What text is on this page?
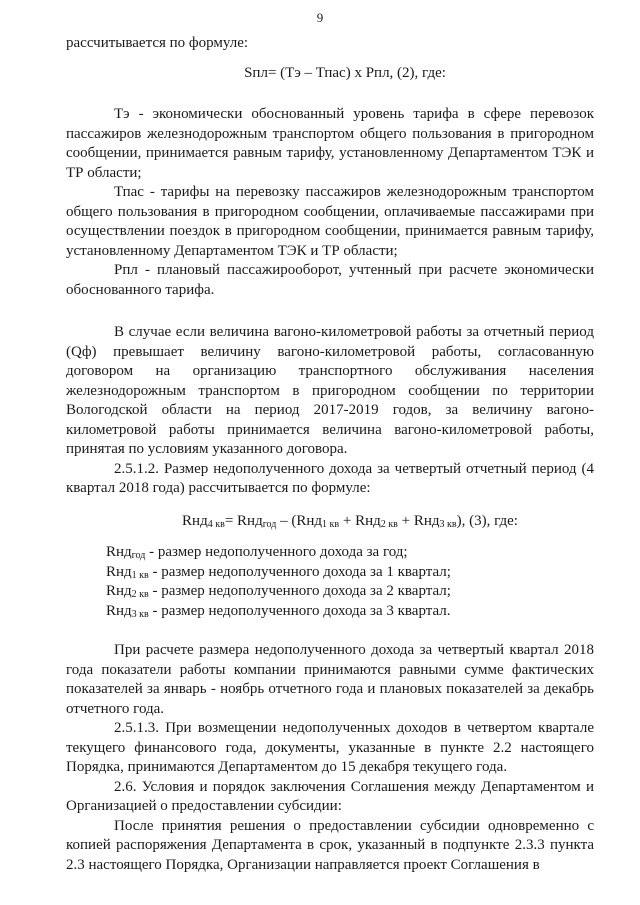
9

рассчитывается по формуле:

Sпл= (Тэ – Тпас) х Рпл, (2), где:

Тэ - экономически обоснованный уровень тарифа в сфере перевозок пассажиров железнодорожным транспортом общего пользования в пригородном сообщении, принимается равным тарифу, установленному Департаментом ТЭК и ТР области;

Тпас - тарифы на перевозку пассажиров железнодорожным транспортом общего пользования в пригородном сообщении, оплачиваемые пассажирами при осуществлении поездок в пригородном сообщении, принимается равным тарифу, установленному Департаментом ТЭК и ТР области;

Рпл - плановый пассажирооборот, учтенный при расчете экономически обоснованного тарифа.

В случае если величина вагоно-километровой работы за отчетный период (Qф) превышает величину вагоно-километровой работы, согласованную договором на организацию транспортного обслуживания населения железнодорожным транспортом в пригородном сообщении по территории Вологодской области на период 2017-2019 годов, за величину вагоно-километровой работы принимается величина вагоно-километровой работы, принятая по условиям указанного договора.

2.5.1.2. Размер недополученного дохода за четвертый отчетный период (4 квартал 2018 года) рассчитывается по формуле:

Rнд$_{4 кв}$= Rнд$_{год}$ – (Rнд$_{1 кв}$ + Rнд$_{2 кв}$ + Rнд$_{3 кв}$), (3), где:

Rнд$_{год}$ - размер недополученного дохода за год;

Rнд$_{1 кв}$ - размер недополученного дохода за 1 квартал;

Rнд$_{2 кв}$ - размер недополученного дохода за 2 квартал;

Rнд$_{3 кв}$ - размер недополученного дохода за 3 квартал.

При расчете размера недополученного дохода за четвертый квартал 2018 года показатели работы компании принимаются равными сумме фактических показателей за январь - ноябрь отчетного года и плановых показателей за декабрь отчетного года.

2.5.1.3. При возмещении недополученных доходов в четвертом квартале текущего финансового года, документы, указанные в пункте 2.2 настоящего Порядка, принимаются Департаментом до 15 декабря текущего года.

2.6. Условия и порядок заключения Соглашения между Департаментом и Организацией о предоставлении субсидии:

После принятия решения о предоставлении субсидии одновременно с копией распоряжения Департамента в срок, указанный в подпункте 2.3.3 пункта 2.3 настоящего Порядка, Организации направляется проект Соглашения в
